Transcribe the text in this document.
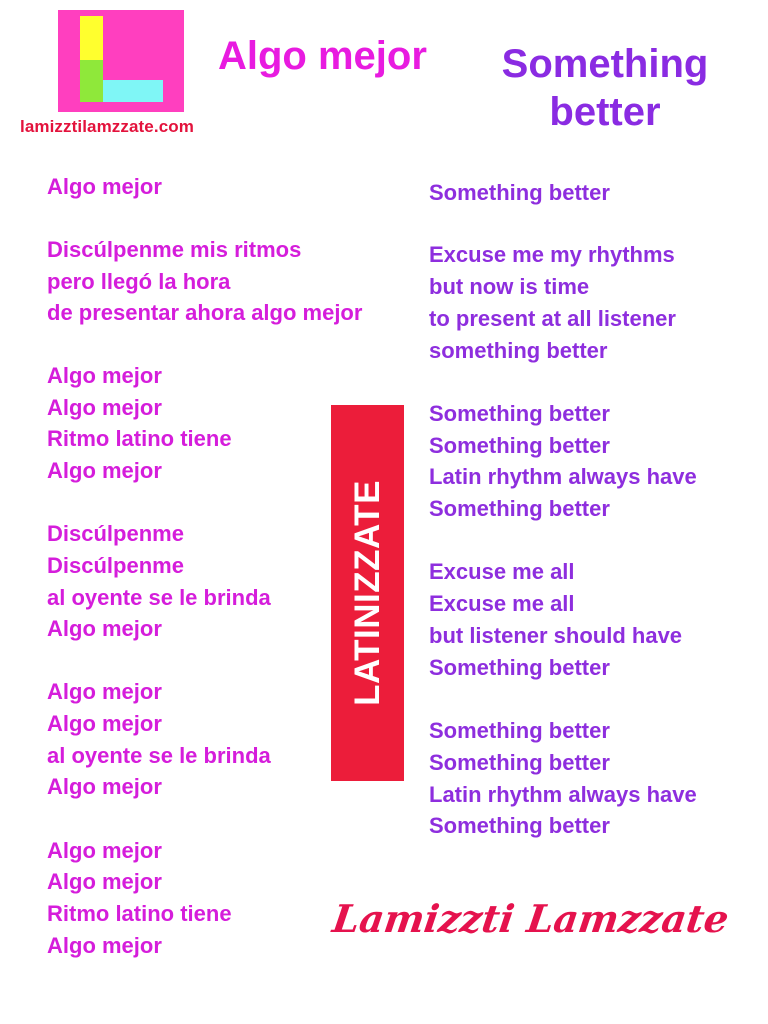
lamizztilamzzate.com
Algo mejor	Something better
Algo mejor
Discúlpenme mis ritmos
pero llegó la hora
de presentar ahora algo mejor
Algo mejor
Algo mejor
Ritmo latino tiene
Algo mejor
Discúlpenme
Discúlpenme
al oyente se le brinda
Algo mejor
Algo mejor
Algo mejor
al oyente se le brinda
Algo mejor
Algo mejor
Algo mejor
Ritmo latino tiene
Algo mejor
Something better
Excuse me my rhythms
but now is time
to present at all listener
something better
Something better
Something better
Latin rhythm always have
Something better
Excuse me all
Excuse me all
but listener should have
Something better
Something better
Something better
Latin rhythm always have
Something better
LATINIZZATE
Lamizzti Lamzzate
